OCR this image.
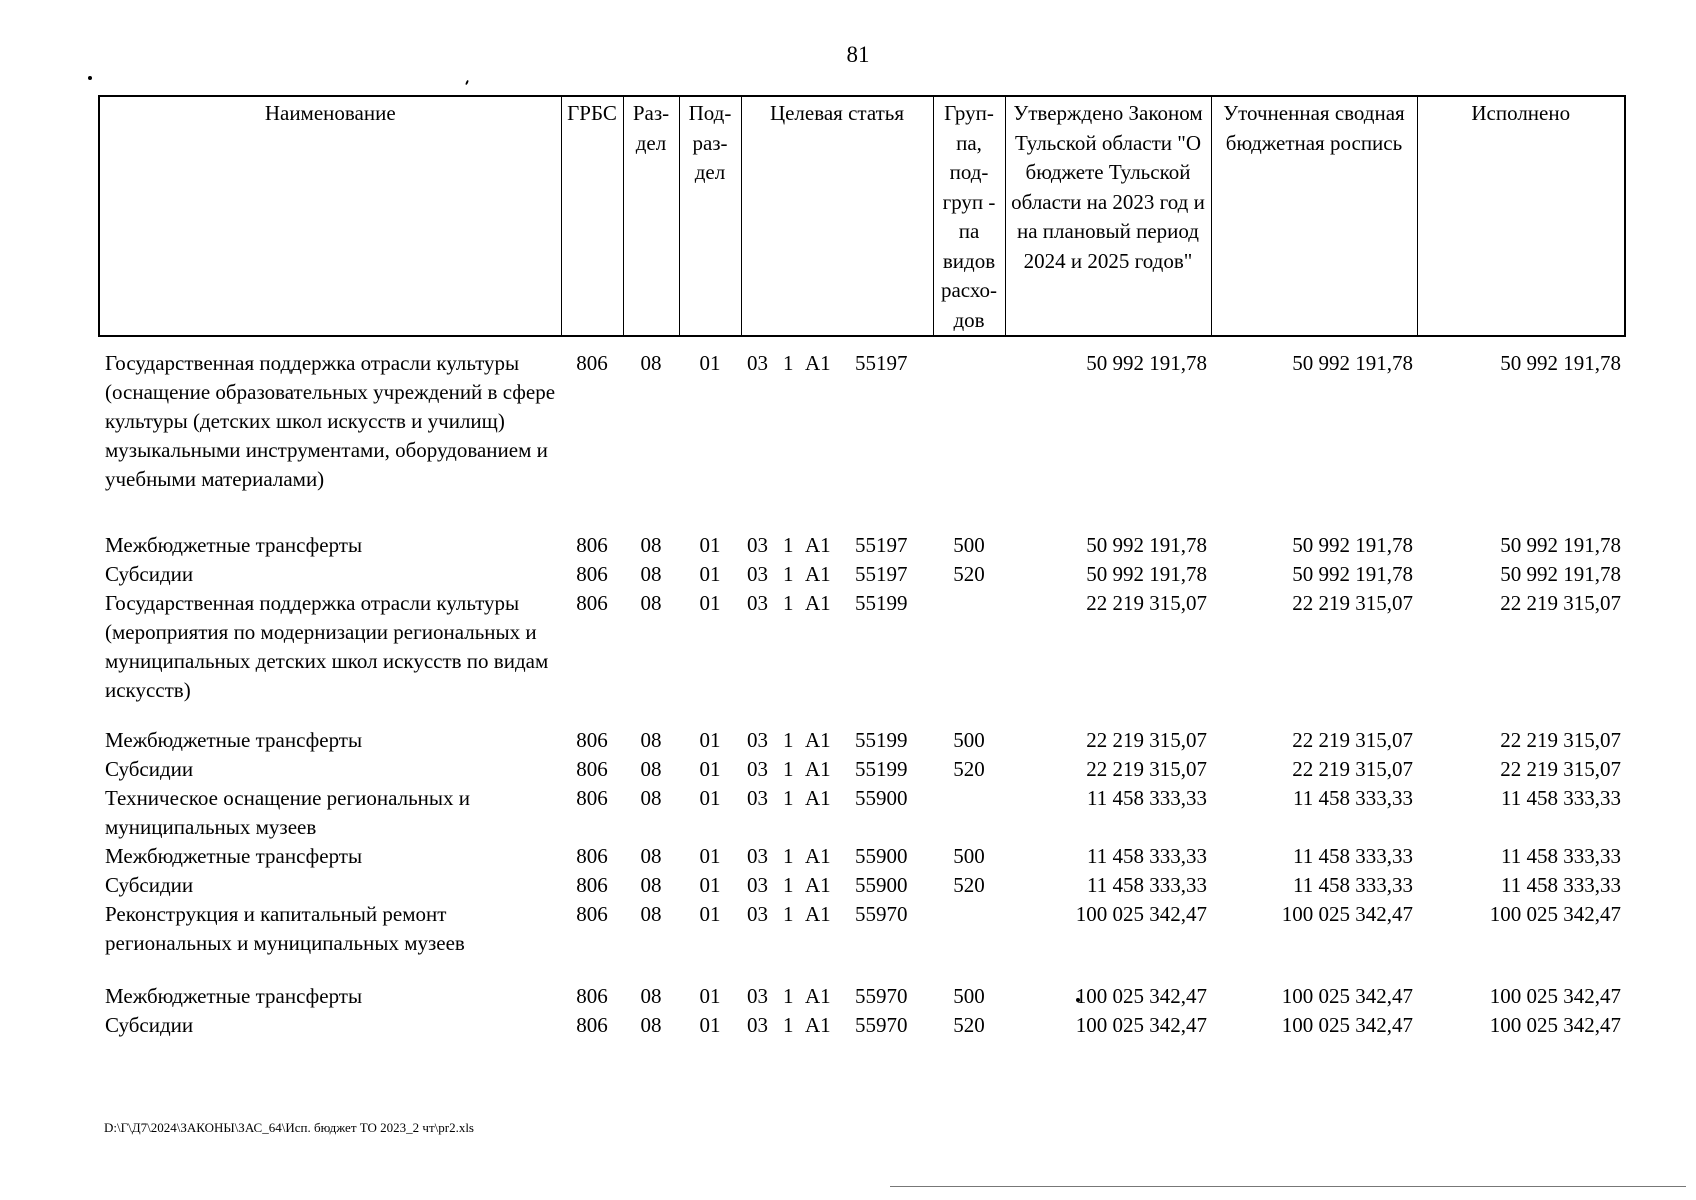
81
Наименование	ГРБС	Раз-дел	Под-раз-дел	Целевая статья	Груп-па, под-груп - па видов расхо-дов	Утверждено Законом Тульской области "О бюджете Тульской области на 2023 год и на плановый период 2024 и 2025 годов"	Уточненная сводная бюджетная роспись	Исполнено
Государственная поддержка отрасли культуры (оснащение образовательных учреждений в сфере культуры (детских школ искусств и училищ) музыкальными инструментами, оборудованием и учебными материалами)	806	08	01	03 1 А1 55197		50 992 191,78	50 992 191,78	50 992 191,78
Межбюджетные трансферты	806	08	01	03 1 А1 55197	500	50 992 191,78	50 992 191,78	50 992 191,78
Субсидии	806	08	01	03 1 А1 55197	520	50 992 191,78	50 992 191,78	50 992 191,78
Государственная поддержка отрасли культуры (мероприятия по модернизации региональных и муниципальных детских школ искусств по видам искусств)	806	08	01	03 1 А1 55199		22 219 315,07	22 219 315,07	22 219 315,07
Межбюджетные трансферты	806	08	01	03 1 А1 55199	500	22 219 315,07	22 219 315,07	22 219 315,07
Субсидии	806	08	01	03 1 А1 55199	520	22 219 315,07	22 219 315,07	22 219 315,07
Техническое оснащение региональных и муниципальных музеев	806	08	01	03 1 А1 55900		11 458 333,33	11 458 333,33	11 458 333,33
Межбюджетные трансферты	806	08	01	03 1 А1 55900	500	11 458 333,33	11 458 333,33	11 458 333,33
Субсидии	806	08	01	03 1 А1 55900	520	11 458 333,33	11 458 333,33	11 458 333,33
Реконструкция и капитальный ремонт региональных и муниципальных музеев	806	08	01	03 1 А1 55970		100 025 342,47	100 025 342,47	100 025 342,47
Межбюджетные трансферты	806	08	01	03 1 А1 55970	500	100 025 342,47	100 025 342,47	100 025 342,47
Субсидии	806	08	01	03 1 А1 55970	520	100 025 342,47	100 025 342,47	100 025 342,47
D:\Г\Д7\2024\ЗАКОНЫ\ЗАС_64\Исп. бюджет ТО 2023_2 чт\pr2.xls
